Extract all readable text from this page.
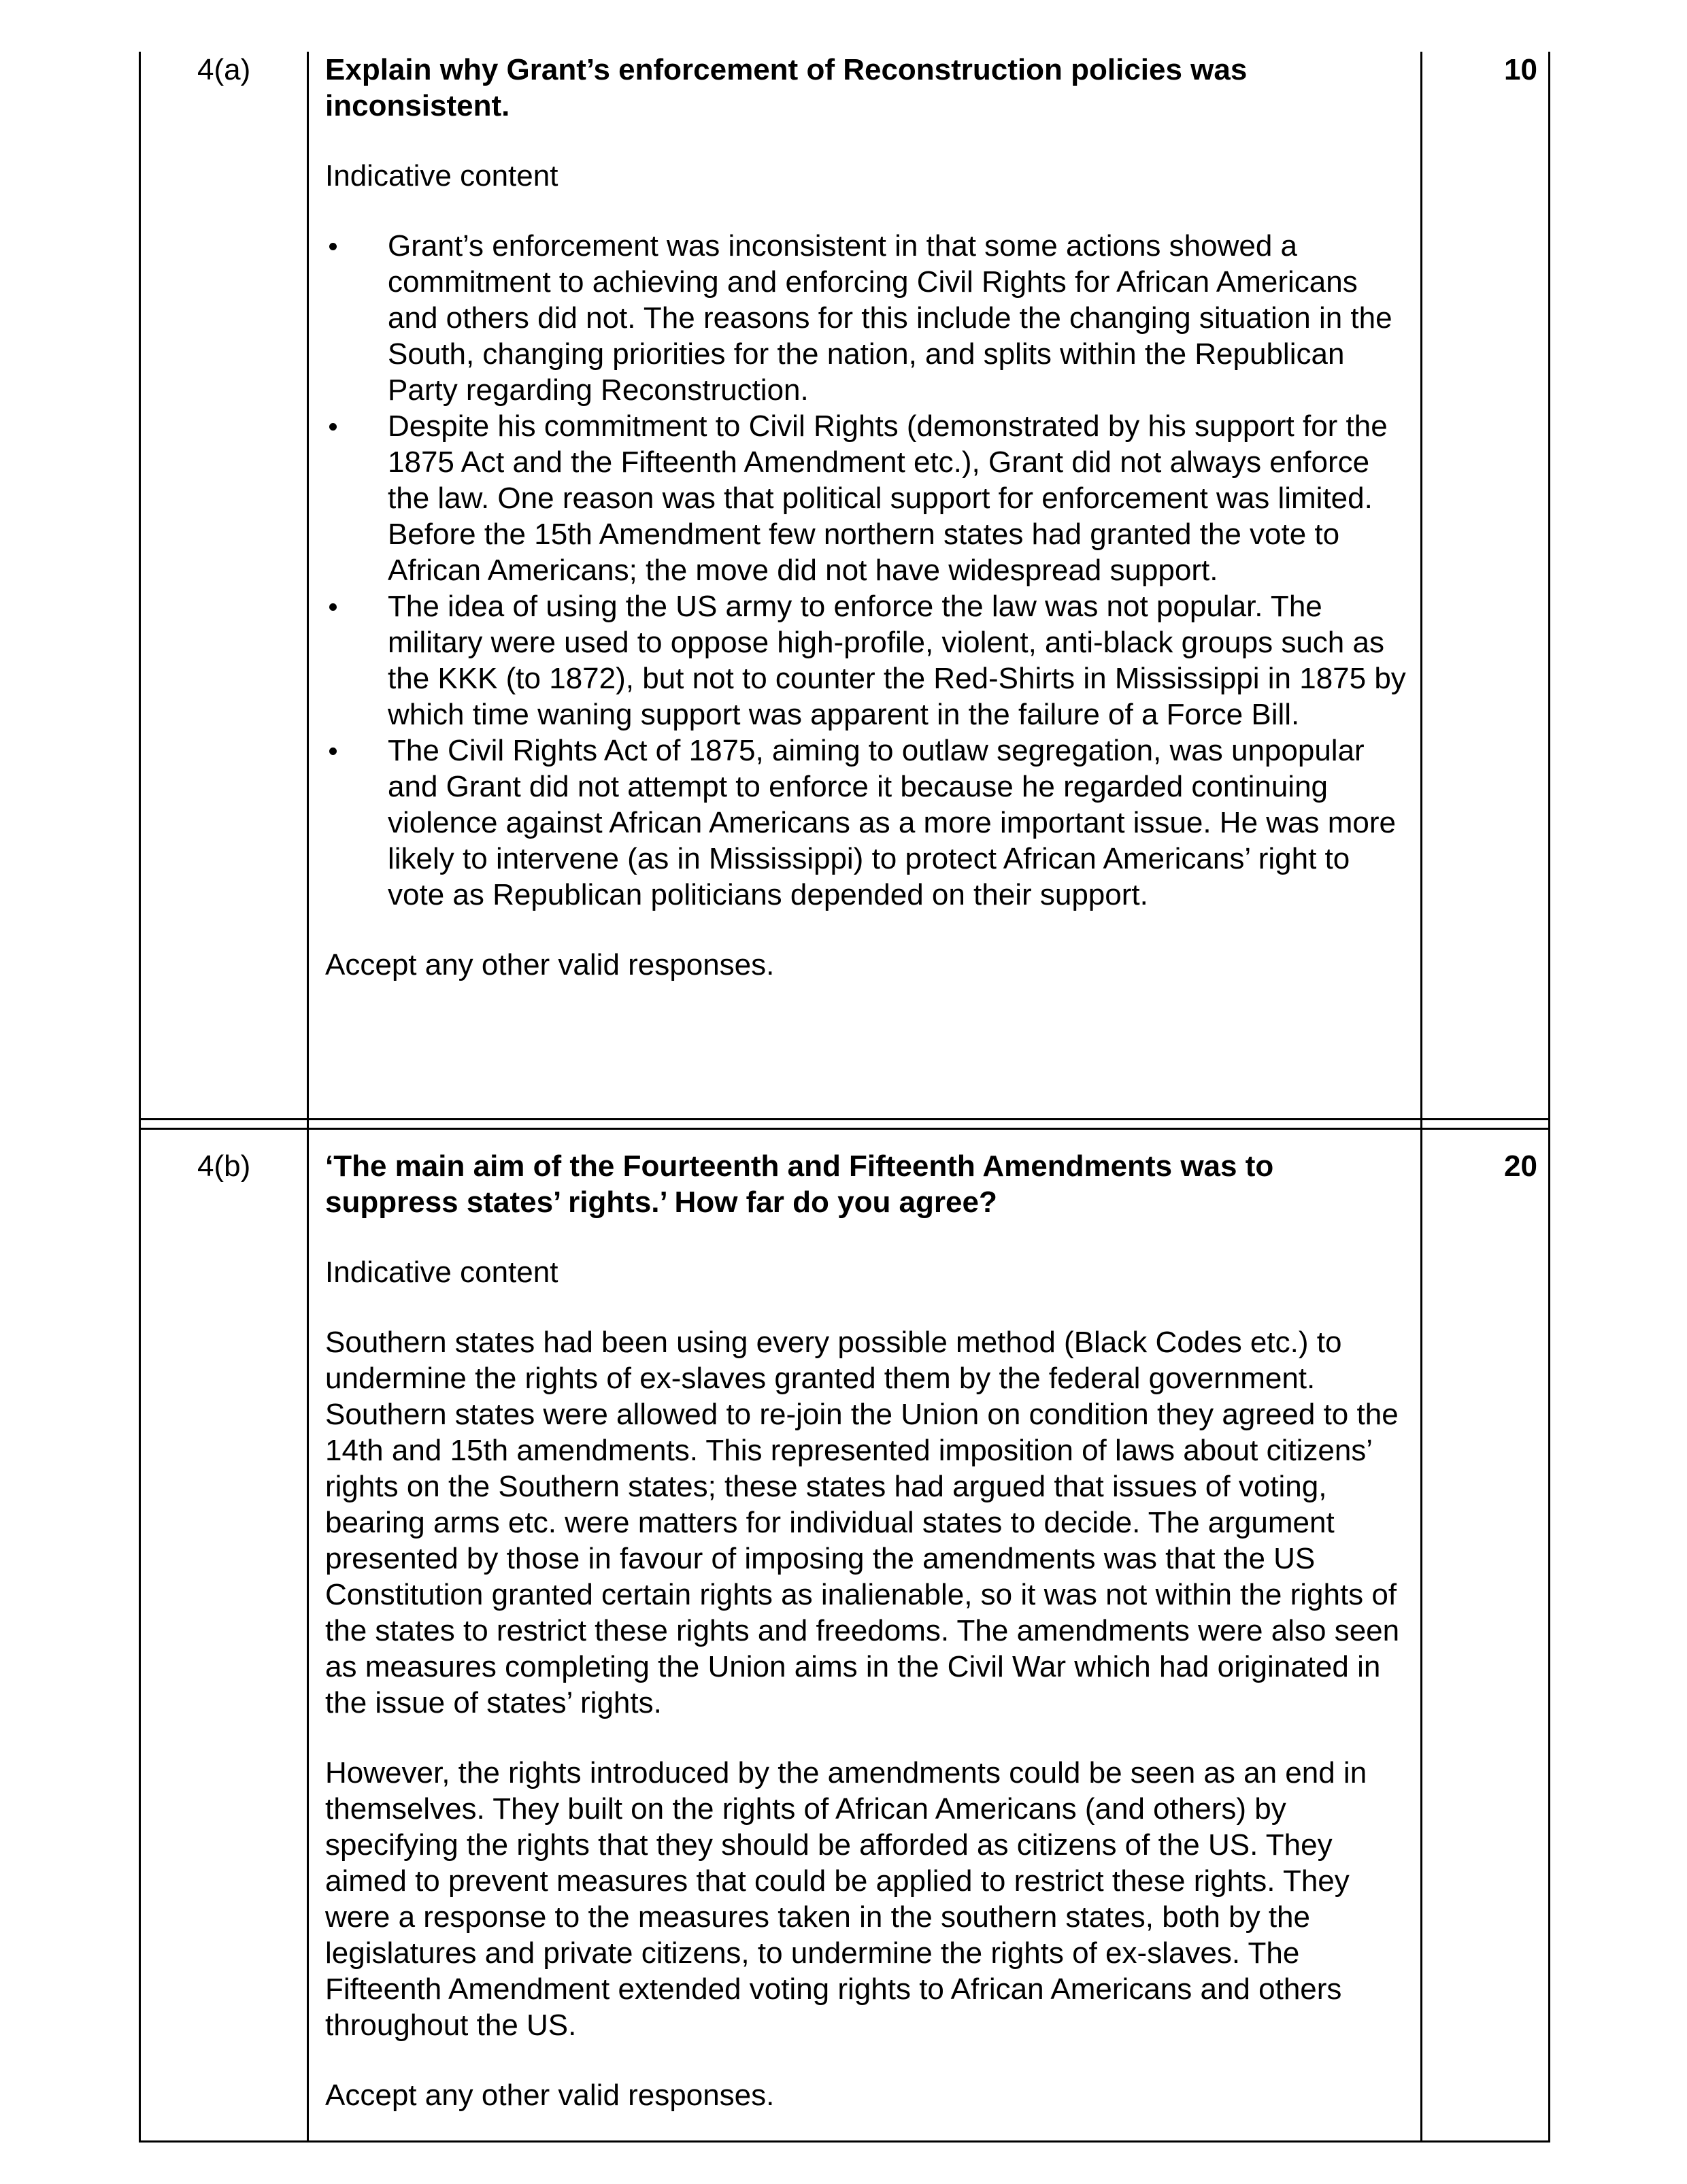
4(a)	10

Explain why Grant’s enforcement of Reconstruction policies was inconsistent.

Indicative content

Grant’s enforcement was inconsistent in that some actions showed a commitment to achieving and enforcing Civil Rights for African Americans and others did not. The reasons for this include the changing situation in the South, changing priorities for the nation, and splits within the Republican Party regarding Reconstruction.
Despite his commitment to Civil Rights (demonstrated by his support for the 1875 Act and the Fifteenth Amendment etc.), Grant did not always enforce the law. One reason was that political support for enforcement was limited. Before the 15th Amendment few northern states had granted the vote to African Americans; the move did not have widespread support.
The idea of using the US army to enforce the law was not popular. The military were used to oppose high-profile, violent, anti-black groups such as the KKK (to 1872), but not to counter the Red-Shirts in Mississippi in 1875 by which time waning support was apparent in the failure of a Force Bill.
The Civil Rights Act of 1875, aiming to outlaw segregation, was unpopular and Grant did not attempt to enforce it because he regarded continuing violence against African Americans as a more important issue. He was more likely to intervene (as in Mississippi) to protect African Americans’ right to vote as Republican politicians depended on their support.

Accept any other valid responses.

4(b)	20

‘The main aim of the Fourteenth and Fifteenth Amendments was to suppress states’ rights.’ How far do you agree?

Indicative content

Southern states had been using every possible method (Black Codes etc.) to undermine the rights of ex-slaves granted them by the federal government. Southern states were allowed to re-join the Union on condition they agreed to the 14th and 15th amendments. This represented imposition of laws about citizens’ rights on the Southern states; these states had argued that issues of voting, bearing arms etc. were matters for individual states to decide. The argument presented by those in favour of imposing the amendments was that the US Constitution granted certain rights as inalienable, so it was not within the rights of the states to restrict these rights and freedoms. The amendments were also seen as measures completing the Union aims in the Civil War which had originated in the issue of states’ rights.

However, the rights introduced by the amendments could be seen as an end in themselves. They built on the rights of African Americans (and others) by specifying the rights that they should be afforded as citizens of the US. They aimed to prevent measures that could be applied to restrict these rights. They were a response to the measures taken in the southern states, both by the legislatures and private citizens, to undermine the rights of ex-slaves. The Fifteenth Amendment extended voting rights to African Americans and others throughout the US.

Accept any other valid responses.
